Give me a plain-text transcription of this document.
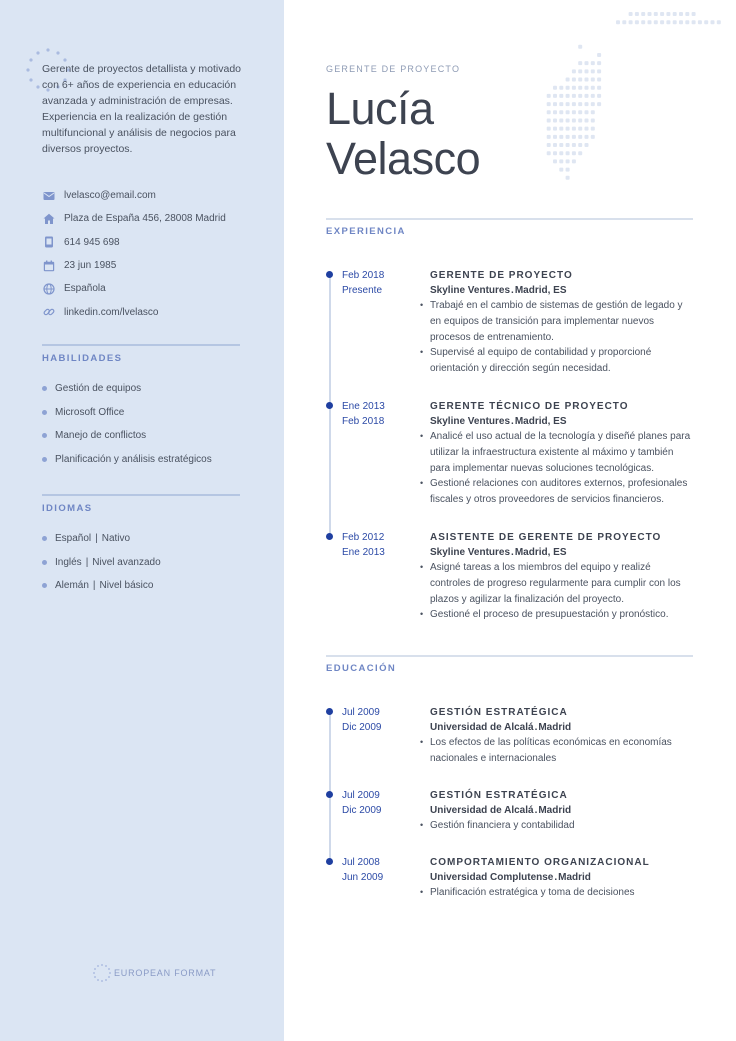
Gerente de proyectos detallista y motivado con 6+ años de experiencia en educación avanzada y administración de empresas. Experiencia en la realización de gestión multifuncional y análisis de negocios para diversos proyectos.

lvelasco@email.com
Plaza de España 456, 28008 Madrid
614 945 698
23 jun 1985
Española
linkedin.com/lvelasco
HABILIDADES
Gestión de equipos
Microsoft Office
Manejo de conflictos
Planificación y análisis estratégicos
IDIOMAS
Español | Nativo
Inglés | Nivel avanzado
Alemán | Nivel básico
EUROPEAN FORMAT
GERENTE DE PROYECTO
Lucía
Velasco
EXPERIENCIA
Feb 2018
Presente
GERENTE DE PROYECTO
Skyline Ventures.Madrid, ES
• Trabajé en el cambio de sistemas de gestión de legado y en equipos de transición para implementar nuevos procesos de entrenamiento.
• Supervisé al equipo de contabilidad y proporcioné orientación y dirección según necesidad.
Ene 2013
Feb 2018
GERENTE TÉCNICO DE PROYECTO
Skyline Ventures.Madrid, ES
• Analicé el uso actual de la tecnología y diseñé planes para utilizar la infraestructura existente al máximo y también para implementar nuevas soluciones tecnológicas.
• Gestioné relaciones con auditores externos, profesionales fiscales y otros proveedores de servicios financieros.
Feb 2012
Ene 2013
ASISTENTE DE GERENTE DE PROYECTO
Skyline Ventures.Madrid, ES
• Asigné tareas a los miembros del equipo y realizé controles de progreso regularmente para cumplir con los plazos y agilizar la finalización del proyecto.
• Gestioné el proceso de presupuestación y pronóstico.
EDUCACIÓN
Jul 2009
Dic 2009
GESTIÓN ESTRATÉGICA
Universidad de Alcalá.Madrid
• Los efectos de las políticas económicas en economías nacionales e internacionales
Jul 2009
Dic 2009
GESTIÓN ESTRATÉGICA
Universidad de Alcalá.Madrid
• Gestión financiera y contabilidad
Jul 2008
Jun 2009
COMPORTAMIENTO ORGANIZACIONAL
Universidad Complutense.Madrid
• Planificación estratégica y toma de decisiones
